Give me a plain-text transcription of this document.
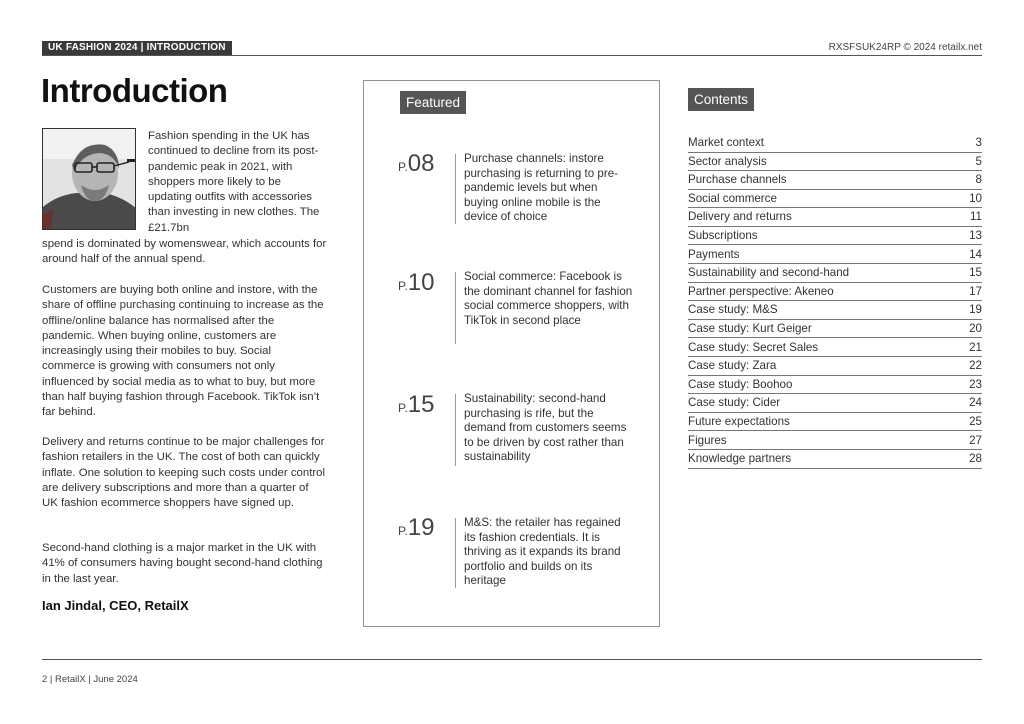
UK FASHION 2024 | INTRODUCTION	RXSFSUK24RP © 2024 retailx.net
Introduction
Fashion spending in the UK has continued to decline from its post-pandemic peak in 2021, with shoppers more likely to be updating outfits with accessories than investing in new clothes. The £21.7bn
spend is dominated by womenswear, which accounts for around half of the annual spend.
Customers are buying both online and instore, with the share of offline purchasing continuing to increase as the offline/online balance has normalised after the pandemic. When buying online, customers are increasingly using their mobiles to buy. Social commerce is growing with consumers not only influenced by social media as to what to buy, but more than half buying fashion through Facebook. TikTok isn’t far behind.
Delivery and returns continue to be major challenges for fashion retailers in the UK. The cost of both can quickly inflate. One solution to keeping such costs under control are delivery subscriptions and more than a quarter of UK fashion ecommerce shoppers have signed up.
Second-hand clothing is a major market in the UK with 41% of consumers having bought second-hand clothing in the last year.
Ian Jindal, CEO, RetailX
Featured
P.08	Purchase channels: instore purchasing is returning to pre-pandemic levels but when buying online mobile is the device of choice
P.10	Social commerce: Facebook is the dominant channel for fashion social commerce shoppers, with TikTok in second place
P.15	Sustainability: second-hand purchasing is rife, but the demand from customers seems to be driven by cost rather than sustainability
P.19	M&S: the retailer has regained its fashion credentials. It is thriving as it expands its brand portfolio and builds on its heritage
Contents
Market context	3
Sector analysis	5
Purchase channels	8
Social commerce	10
Delivery and returns	11
Subscriptions	13
Payments	14
Sustainability and second-hand	15
Partner perspective: Akeneo	17
Case study: M&S	19
Case study: Kurt Geiger	20
Case study: Secret Sales	21
Case study: Zara	22
Case study: Boohoo	23
Case study: Cider	24
Future expectations	25
Figures	27
Knowledge partners	28
2 | RetailX | June 2024
